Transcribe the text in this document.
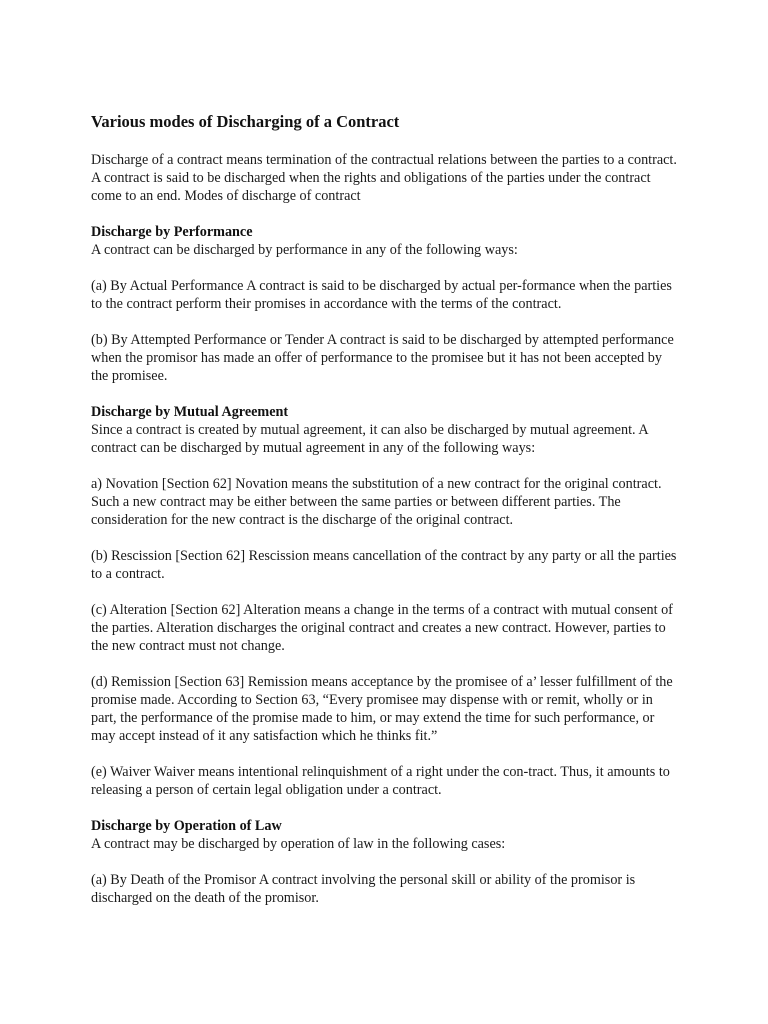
Various modes of Discharging of a Contract

Discharge of a contract means termination of the contractual relations between the parties to a contract. A contract is said to be discharged when the rights and obligations of the parties under the contract come to an end. Modes of discharge of contract

Discharge by Performance

A contract can be discharged by performance in any of the following ways:

(a) By Actual Performance A contract is said to be discharged by actual per-formance when the parties to the contract perform their promises in accordance with the terms of the contract.

(b) By Attempted Performance or Tender A contract is said to be discharged by attempted performance when the promisor has made an offer of performance to the promisee but it has not been accepted by the promisee.

Discharge by Mutual Agreement

Since a contract is created by mutual agreement, it can also be discharged by mutual agreement. A contract can be discharged by mutual agreement in any of the following ways:

a) Novation [Section 62] Novation means the substitution of a new contract for the original contract. Such a new contract may be either between the same parties or between different parties. The consideration for the new contract is the discharge of the original contract.

(b) Rescission [Section 62] Rescission means cancellation of the contract by any party or all the parties to a contract.

(c) Alteration [Section 62] Alteration means a change in the terms of a contract with mutual consent of the parties. Alteration discharges the original contract and creates a new contract. However, parties to the new contract must not change.

(d) Remission [Section 63] Remission means acceptance by the promisee of a’ lesser fulfillment of the promise made. According to Section 63, “Every promisee may dispense with or remit, wholly or in part, the performance of the promise made to him, or may extend the time for such performance, or may accept instead of it any satisfaction which he thinks fit.”

(e) Waiver Waiver means intentional relinquishment of a right under the con-tract. Thus, it amounts to releasing a person of certain legal obligation under a contract.

Discharge by Operation of Law

A contract may be discharged by operation of law in the following cases:

(a) By Death of the Promisor A contract involving the personal skill or ability of the promisor is discharged on the death of the promisor.
